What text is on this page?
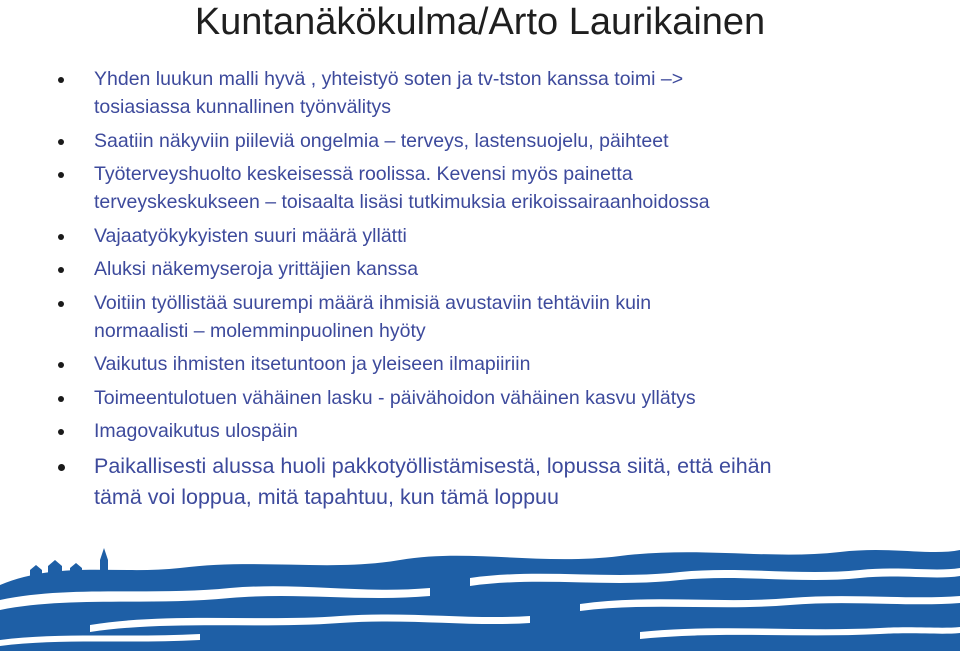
Kuntanäkökulma/Arto Laurikainen
Yhden luukun malli hyvä , yhteistyö soten ja tv-tston kanssa toimi –>
tosiasiassa kunnallinen työnvälitys
Saatiin näkyviin piileviä ongelmia – terveys, lastensuojelu, päihteet
Työterveyshuolto keskeisessä roolissa. Kevensi myös painetta
terveyskeskukseen – toisaalta lisäsi tutkimuksia erikoissairaanhoidossa
Vajaatyökykyisten suuri määrä yllätti
Aluksi näkemyseroja yrittäjien kanssa
Voitiin työllistää suurempi määrä ihmisiä avustaviin tehtäviin kuin
normaalisti – molemminpuolinen hyöty
Vaikutus ihmisten itsetuntoon ja yleiseen ilmapiiriin
Toimeentulotuen vähäinen lasku - päivähoidon vähäinen kasvu yllätys
Imagovaikutus ulospäin
Paikallisesti alussa huoli pakkotyöllistämisestä, lopussa siitä, että eihän
tämä voi loppua, mitä tapahtuu, kun tämä loppuu
